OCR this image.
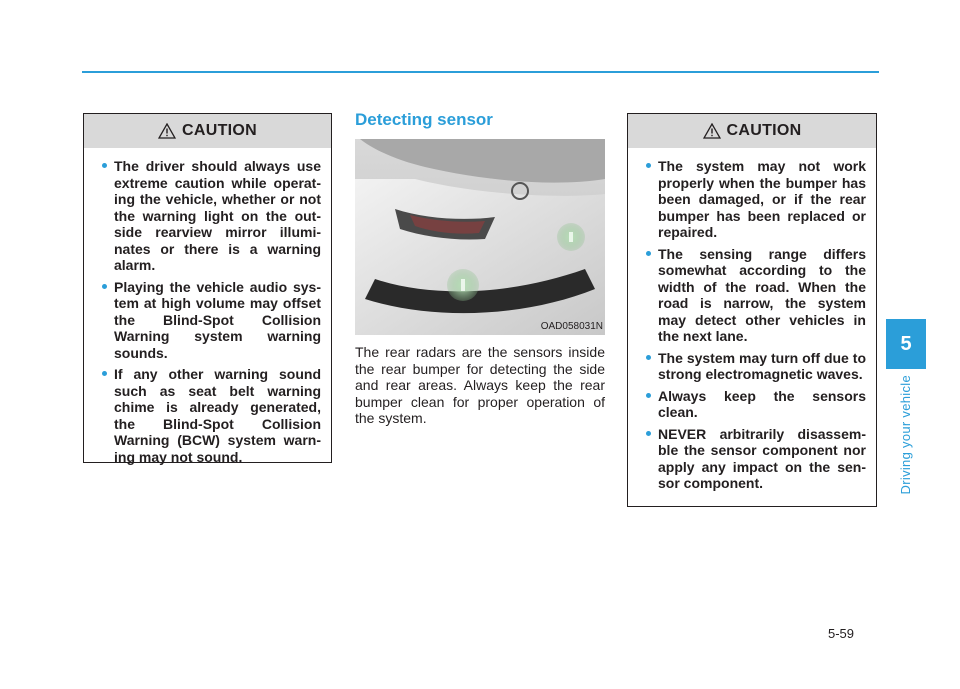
CAUTION
The driver should always use extreme caution while operat-ing the vehicle, whether or not the warning light on the out-side rearview mirror illumi-nates or there is a warning alarm.
Playing the vehicle audio sys-tem at high volume may offset the Blind-Spot Collision Warning system warning sounds.
If any other warning sound such as seat belt warning chime is already generated, the Blind-Spot Collision Warning (BCW) system warn-ing may not sound.
Detecting sensor
OAD058031N

The rear radars are the sensors inside the rear bumper for detecting the side and rear areas. Always keep the rear bumper clean for proper operation of the system.

CAUTION
The system may not work properly when the bumper has been damaged, or if the rear bumper has been replaced or repaired.
The sensing range differs somewhat according to the width of the road. When the road is narrow, the system may detect other vehicles in the next lane.
The system may turn off due to strong electromagnetic waves.
Always keep the sensors clean.
NEVER arbitrarily disassem-ble the sensor component nor apply any impact on the sen-sor component.
5
Driving your vehicle
5-59
